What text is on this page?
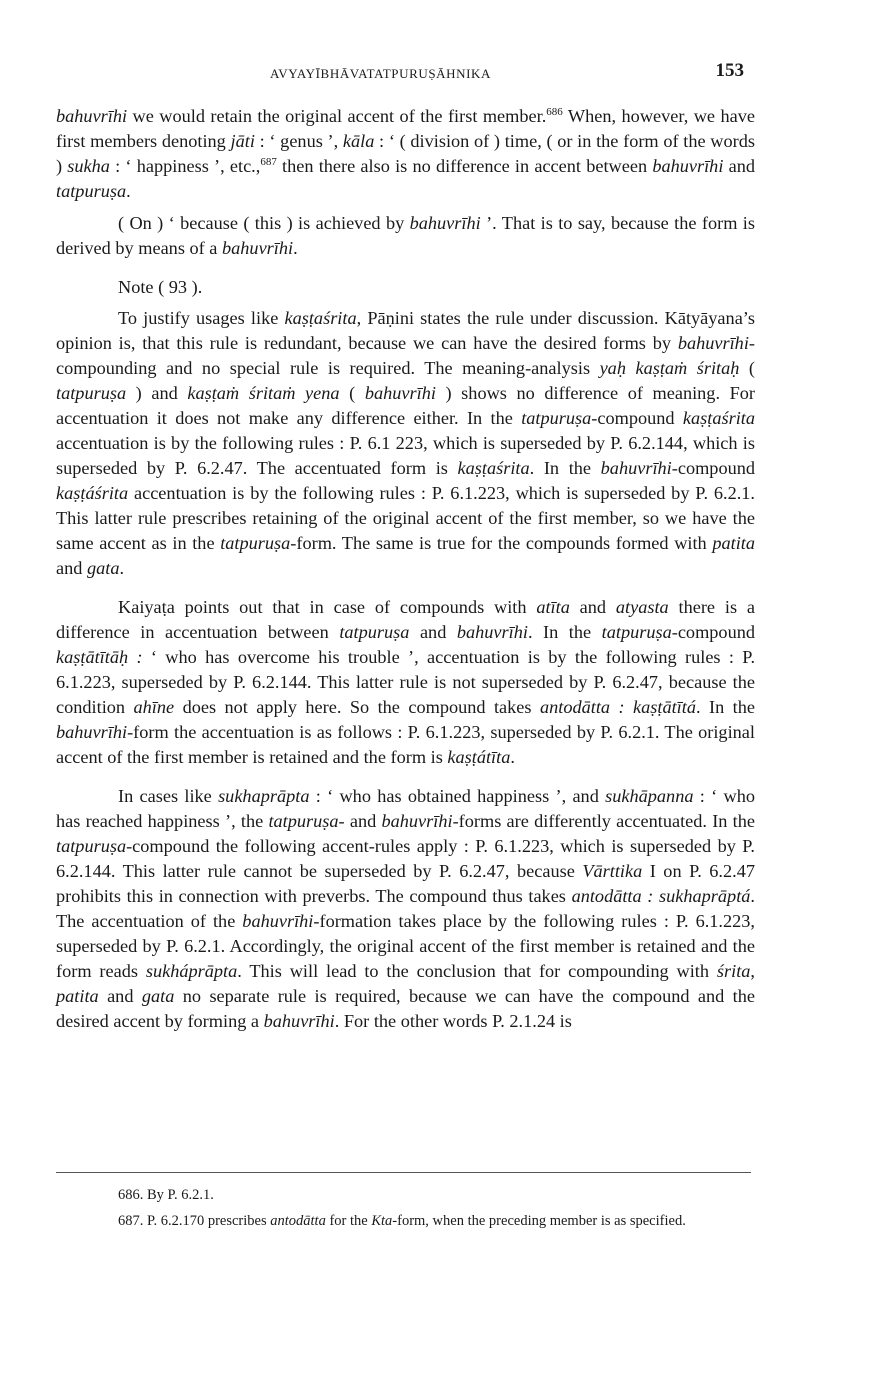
AVYAYĪBHĀVATATPURUṢĀHNIKA	153

bahuvrīhi we would retain the original accent of the first member.$^{686}$ When, however, we have first members denoting jāti : ‘ genus ’, kāla : ‘ ( division of ) time, ( or in the form of the words ) sukha : ‘ happiness ’, etc.,$^{687}$ then there also is no difference in accent between bahuvrīhi and tatpuruṣa.

( On ) ‘ because ( this ) is achieved by bahuvrīhi ’. That is to say, because the form is derived by means of a bahuvrīhi.

Note ( 93 ).

To justify usages like kaṣṭaśrita, Pāṇini states the rule under discussion. Kātyāyana’s opinion is, that this rule is redundant, because we can have the desired forms by bahuvrīhi-compounding and no special rule is required. The meaning-analysis yaḥ kaṣṭaṁ śritaḥ ( tatpuruṣa ) and kaṣṭaṁ śritaṁ yena ( bahuvrīhi ) shows no difference of meaning. For accentuation it does not make any difference either. In the tatpuruṣa-compound kaṣṭaśrita accentuation is by the following rules : P. 6.1 223, which is superseded by P. 6.2.144, which is superseded by P. 6.2.47. The accentuated form is kaṣṭaśrita. In the bahuvrīhi-compound kaṣṭáśrita accentuation is by the following rules : P. 6.1.223, which is superseded by P. 6.2.1. This latter rule prescribes retaining of the original accent of the first member, so we have the same accent as in the tatpuruṣa-form. The same is true for the compounds formed with patita and gata.

Kaiyaṭa points out that in case of compounds with atīta and atyasta there is a difference in accentuation between tatpuruṣa and bahuvrīhi. In the tatpuruṣa-compound kaṣṭātītāḥ : ‘ who has overcome his trouble ’, accentuation is by the following rules : P. 6.1.223, superseded by P. 6.2.144. This latter rule is not superseded by P. 6.2.47, because the condition ahīne does not apply here. So the compound takes antodātta : kaṣṭātītá. In the bahuvrīhi-form the accentuation is as follows : P. 6.1.223, superseded by P. 6.2.1. The original accent of the first member is retained and the form is kaṣṭátīta.

In cases like sukhaprāpta : ‘ who has obtained happiness ’, and sukhāpanna : ‘ who has reached happiness ’, the tatpuruṣa- and bahuvrīhi-forms are differently accentuated. In the tatpuruṣa-compound the following accent-rules apply : P. 6.1.223, which is superseded by P. 6.2.144. This latter rule cannot be superseded by P. 6.2.47, because Vārttika I on P. 6.2.47 prohibits this in connection with preverbs. The compound thus takes antodātta : sukhaprāptá. The accentuation of the bahuvrīhi-formation takes place by the following rules : P. 6.1.223, superseded by P. 6.2.1. Accordingly, the original accent of the first member is retained and the form reads sukháprāpta. This will lead to the conclusion that for compounding with śrita, patita and gata no separate rule is required, because we can have the compound and the desired accent by forming a bahuvrīhi. For the other words P. 2.1.24 is

686. By P. 6.2.1.

687. P. 6.2.170 prescribes antodātta for the Kta-form, when the preceding member is as specified.
